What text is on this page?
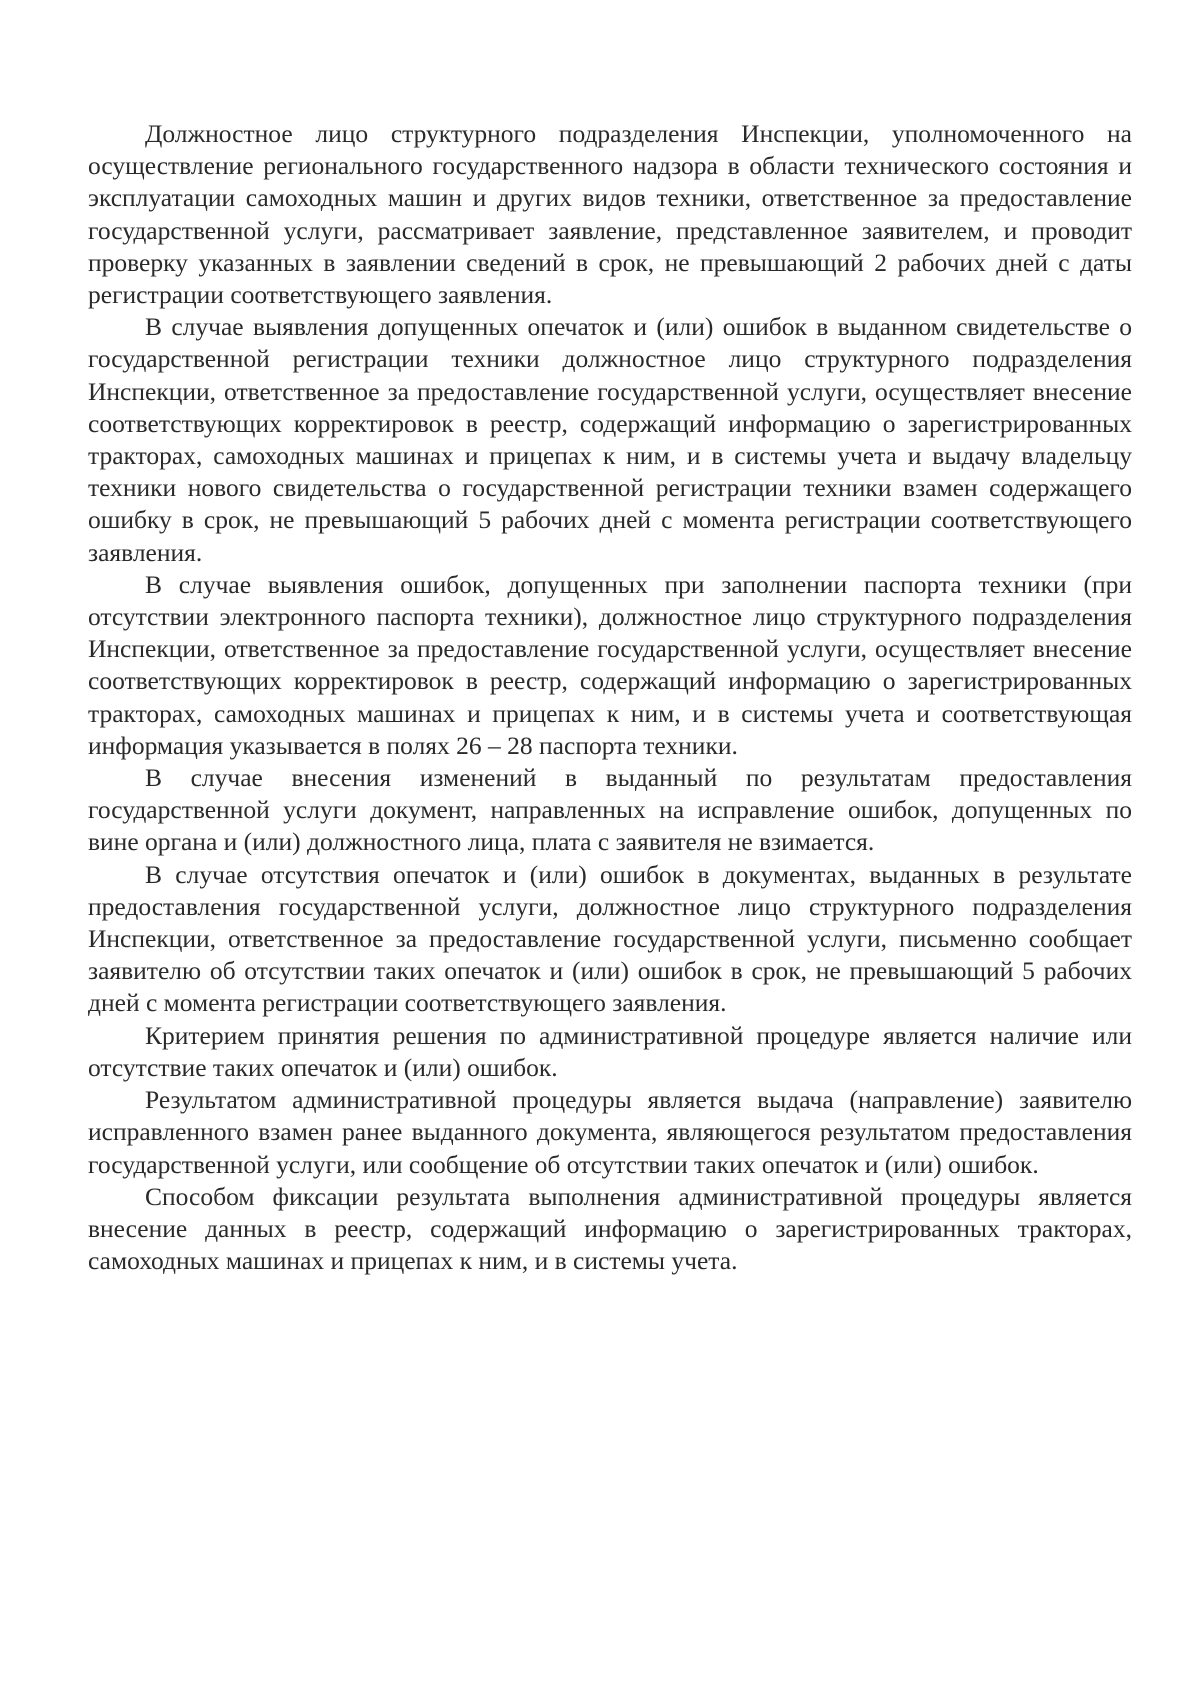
Должностное лицо структурного подразделения Инспекции, уполномоченного на осуществление регионального государственного надзора в области технического состояния и эксплуатации самоходных машин и других видов техники, ответственное за предоставление государственной услуги, рассматривает заявление, представленное заявителем, и проводит проверку указанных в заявлении сведений в срок, не превышающий 2 рабочих дней с даты регистрации соответствующего заявления.

В случае выявления допущенных опечаток и (или) ошибок в выданном свидетельстве о государственной регистрации техники должностное лицо структурного подразделения Инспекции, ответственное за предоставление государственной услуги, осуществляет внесение соответствующих корректировок в реестр, содержащий информацию о зарегистрированных тракторах, самоходных машинах и прицепах к ним, и в системы учета и выдачу владельцу техники нового свидетельства о государственной регистрации техники взамен содержащего ошибку в срок, не превышающий 5 рабочих дней с момента регистрации соответствующего заявления.

В случае выявления ошибок, допущенных при заполнении паспорта техники (при отсутствии электронного паспорта техники), должностное лицо структурного подразделения Инспекции, ответственное за предоставление государственной услуги, осуществляет внесение соответствующих корректировок в реестр, содержащий информацию о зарегистрированных тракторах, самоходных машинах и прицепах к ним, и в системы учета и соответствующая информация указывается в полях 26 – 28 паспорта техники.

В случае внесения изменений в выданный по результатам предоставления государственной услуги документ, направленных на исправление ошибок, допущенных по вине органа и (или) должностного лица, плата с заявителя не взимается.

В случае отсутствия опечаток и (или) ошибок в документах, выданных в результате предоставления государственной услуги, должностное лицо структурного подразделения Инспекции, ответственное за предоставление государственной услуги, письменно сообщает заявителю об отсутствии таких опечаток и (или) ошибок в срок, не превышающий 5 рабочих дней с момента регистрации соответствующего заявления.

Критерием принятия решения по административной процедуре является наличие или отсутствие таких опечаток и (или) ошибок.

Результатом административной процедуры является выдача (направление) заявителю исправленного взамен ранее выданного документа, являющегося результатом предоставления государственной услуги, или сообщение об отсутствии таких опечаток и (или) ошибок.

Способом фиксации результата выполнения административной процедуры является внесение данных в реестр, содержащий информацию о зарегистрированных тракторах, самоходных машинах и прицепах к ним, и в системы учета.
